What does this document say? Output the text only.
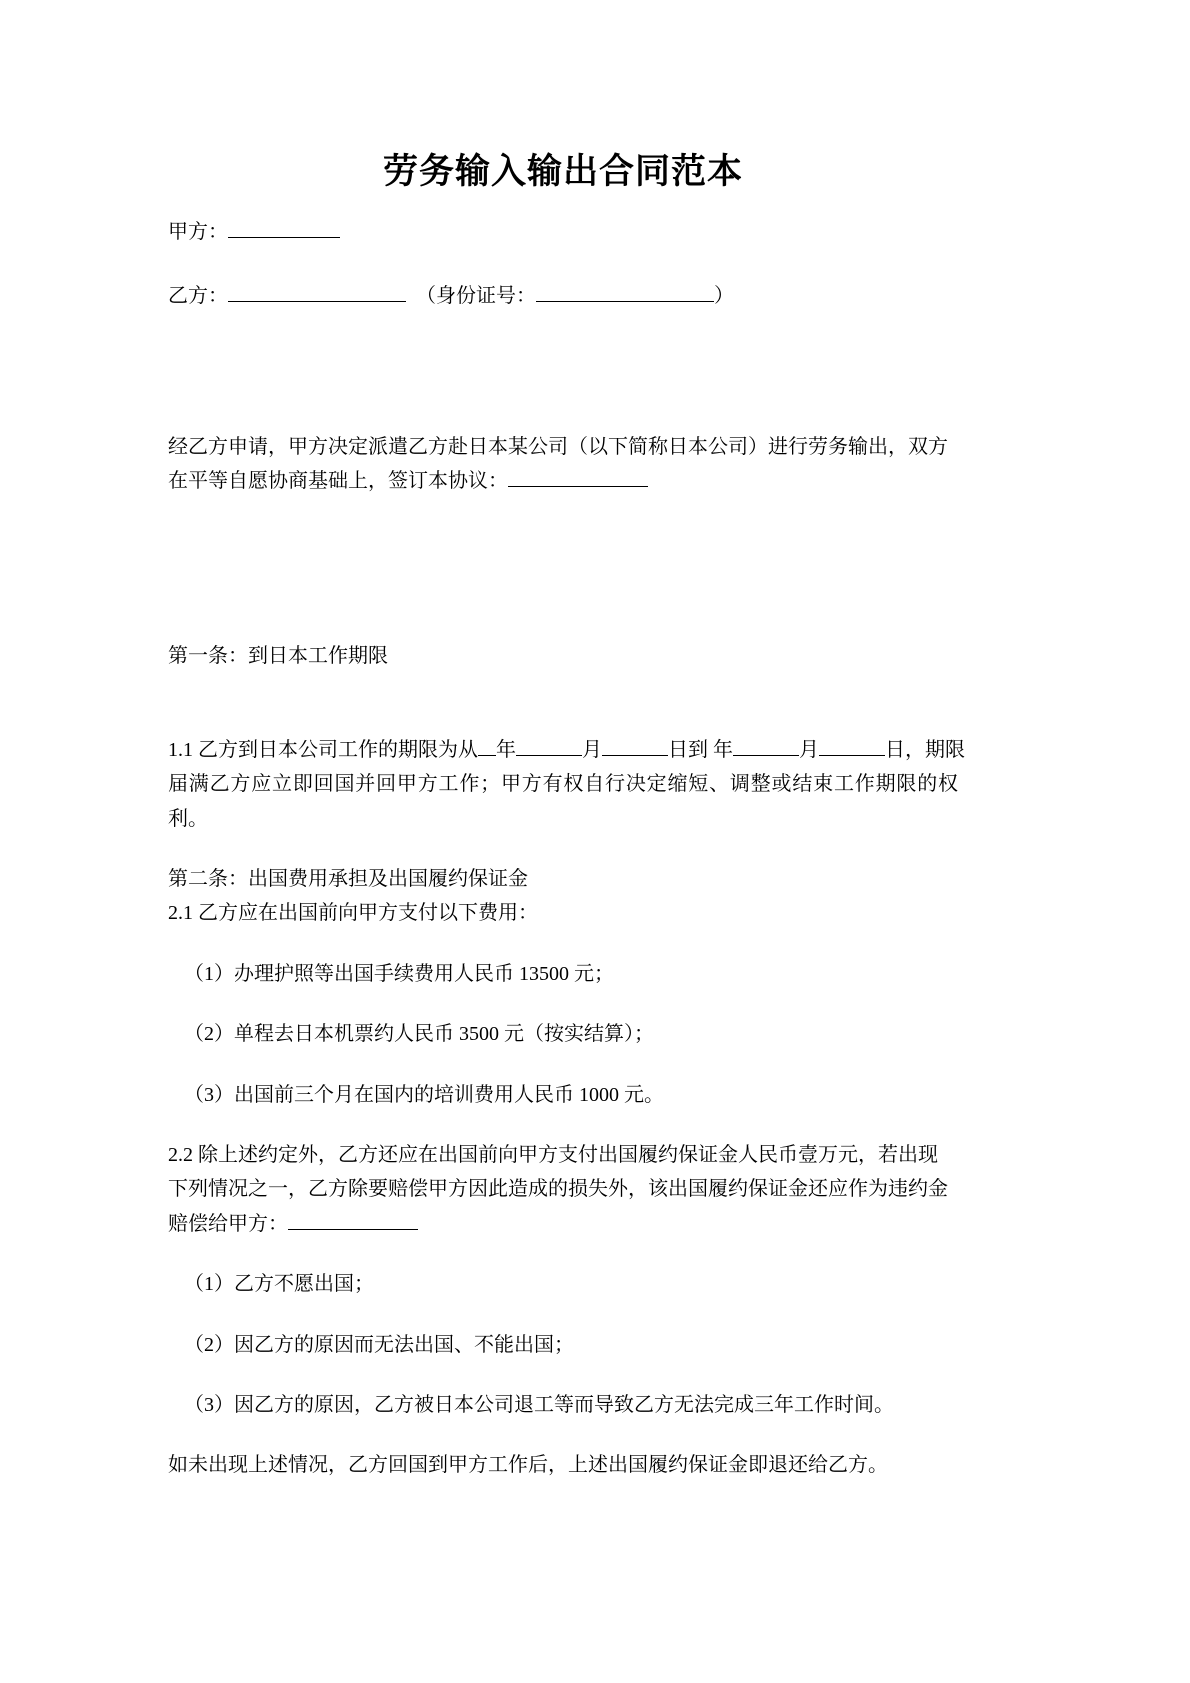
劳务输入输出合同范本

甲方：

乙方：	（身份证号：	）

经乙方申请，甲方决定派遣乙方赴日本某公司（以下简称日本公司）进行劳务输出，双方
在平等自愿协商基础上，签订本协议：

第一条：到日本工作期限

1.1 乙方到日本公司工作的期限为从 年	月	日到 年	月	日，期限
届满乙方应立即回国并回甲方工作；甲方有权自行决定缩短、调整或结束工作期限的权利。

第二条：出国费用承担及出国履约保证金

2.1 乙方应在出国前向甲方支付以下费用：

（1）办理护照等出国手续费用人民币 13500 元；

（2）单程去日本机票约人民币 3500 元（按实结算）；

（3）出国前三个月在国内的培训费用人民币 1000 元。

2.2 除上述约定外，乙方还应在出国前向甲方支付出国履约保证金人民币壹万元，若出现
下列情况之一，乙方除要赔偿甲方因此造成的损失外，该出国履约保证金还应作为违约金
赔偿给甲方：

（1）乙方不愿出国；

（2）因乙方的原因而无法出国、不能出国；

（3）因乙方的原因，乙方被日本公司退工等而导致乙方无法完成三年工作时间。

如未出现上述情况，乙方回国到甲方工作后，上述出国履约保证金即退还给乙方。
